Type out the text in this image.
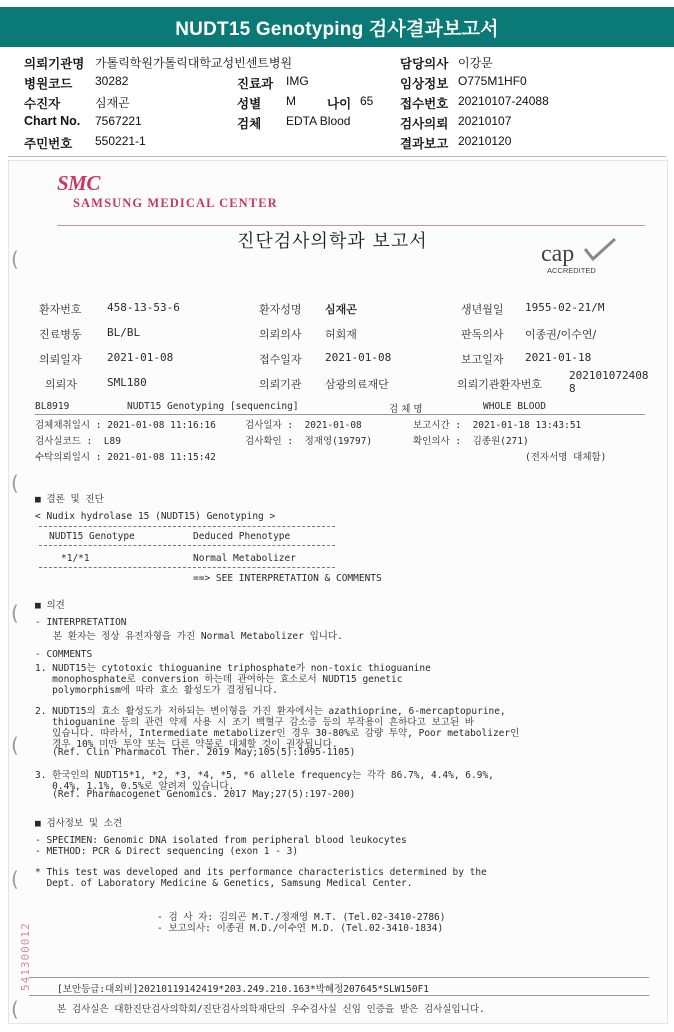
NUDT15 Genotyping 검사결과보고서
의뢰기관명 가톨릭학원가톨릭대학교성빈센트병원	담당의사 이강문
병원코드 30282	진료과 IMG	임상정보 O775M1HF0
수진자	심재곤	성별 M 나이 65 접수번호 20210107-24088
Chart No. 7567221	검체 EDTA Blood	검사의뢰 20210107
주민번호 550221-1	결과보고 20210120
SMC
SAMSUNG MEDICAL CENTER
진단검사의학과 보고서	cap
ACCREDITED
(
(
(
(
(
(
환자번호 458-13-53-6	환자성명 심재곤	생년월일 1955-02-21/M
진료병동 BL/BL	의뢰의사 허회재	판독의사 이종권/이수연/
의뢰일자 2021-01-08	접수일자 2021-01-08	보고일자 2021-01-18
의뢰자	SML180	의뢰기관 삼광의료재단	의뢰기관환자번호
202101072408
8
BL8919	NUDT15 Genotyping [sequencing]	검 체 명	WHOLE BLOOD
검체채취일시 : 2021-01-08 11:16:16	검사일자 :  2021-01-08	보고시간 :  2021-01-18 13:43:51
검사실코드 :  L89	검사확인 :  정재영(19797)	확인의사 :  김종원(271)
수탁의뢰일시 : 2021-01-08 11:15:42	(전자서명 대체함)
■ 결론 및 진단
< Nudix hydrolase 15 (NUDT15) Genotyping >
NUDT15 Genotype	Deduced Phenotype
*1/*1	Normal Metabolizer
==> SEE INTERPRETATION & COMMENTS
■ 의견
- INTERPRETATION
본 환자는 정상 유전자형을 가진 Normal Metabolizer 입니다.
- COMMENTS
1. NUDT15는 cytotoxic thioguanine triphosphate가 non-toxic thioguanine
monophosphate로 conversion 하는데 관여하는 효소로서 NUDT15 genetic
polymorphism에 따라 효소 활성도가 결정됩니다.
2. NUDT15의 효소 활성도가 저하되는 변이형을 가진 환자에서는 azathioprine, 6-mercaptopurine,
thioguanine 등의 관련 약제 사용 시 조기 백혈구 감소증 등의 부작용이 흔하다고 보고된 바
있습니다. 따라서, Intermediate metabolizer인 경우 30-80%로 감량 투약, Poor metabolizer인
경우 10% 미만 투약 또는 다른 약물로 대체할 것이 권장됩니다.
(Ref. Clin Pharmacol Ther. 2019 May;105(5):1095-1105)
3. 한국인의 NUDT15*1, *2, *3, *4, *5, *6 allele frequency는 각각 86.7%, 4.4%, 6.9%,
0.4%, 1.1%, 0.5%로 알려져 있습니다.
(Ref. Pharmacogenet Genomics. 2017 May;27(5):197-200)
■ 검사정보 및 소견
- SPECIMEN: Genomic DNA isolated from peripheral blood leukocytes
- METHOD: PCR & Direct sequencing (exon 1 - 3)
* This test was developed and its performance characteristics determined by the
Dept. of Laboratory Medicine & Genetics, Samsung Medical Center.
- 검 사 자: 김의곤 M.T./정재영 M.T. (Tel.02-3410-2786)
- 보고의사: 이종권 M.D./이수연 M.D. (Tel.02-3410-1834)
541300012	[보안등급:대외비]20210119142419*203.249.210.163*박혜정207645*SLW150F1
본 검사실은 대한진단검사의학회/진단검사의학재단의 우수검사실 신임 인증을 받은 검사실입니다.
